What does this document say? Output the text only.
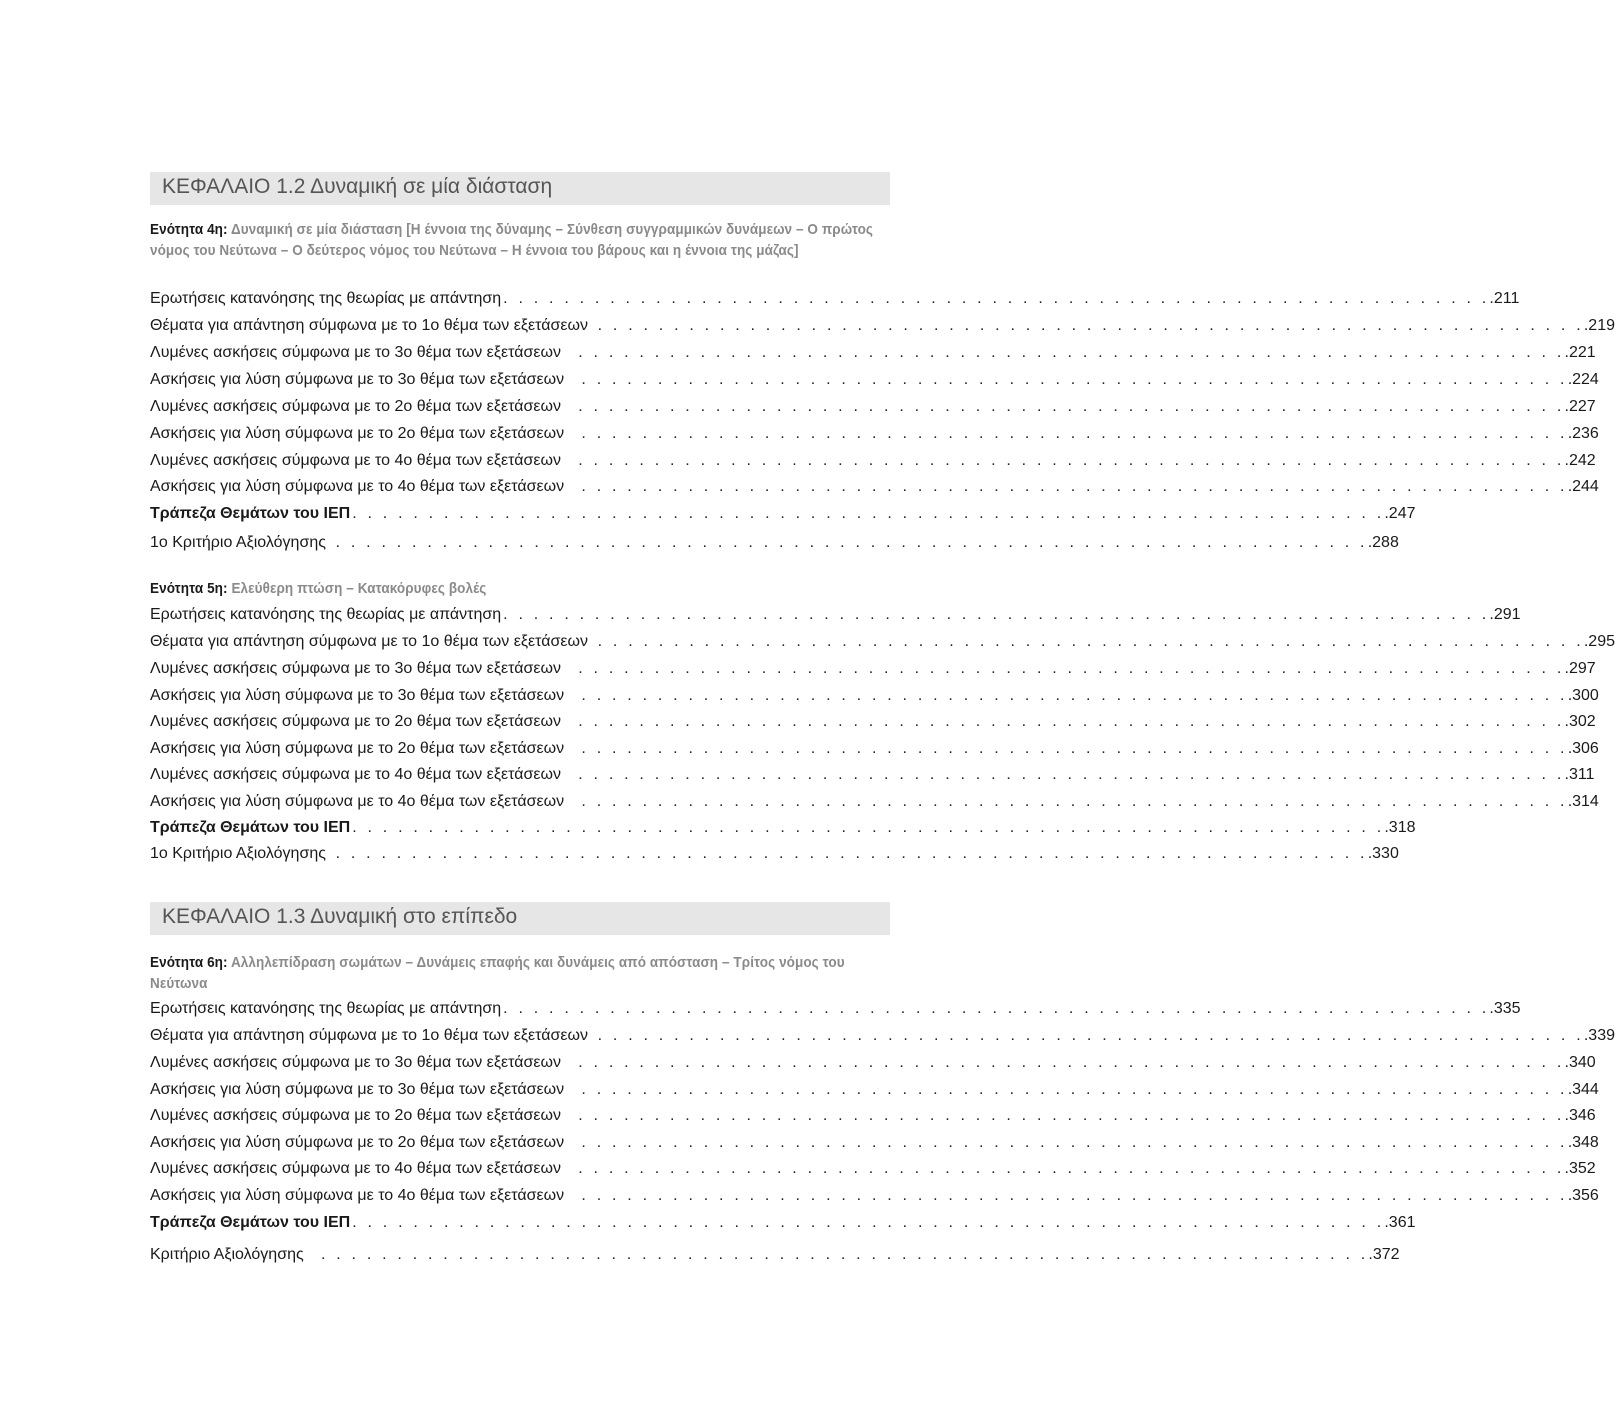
ΚΕΦΑΛΑΙΟ 1.2 Δυναμική σε μία διάσταση
Ενότητα 4η: Δυναμική σε μία διάσταση [Η έννοια της δύναμης – Σύνθεση συγγραμμικών δυνάμεων – Ο πρώτος νόμος του Νεύτωνα – Ο δεύτερος νόμος του Νεύτωνα – Η έννοια του βάρους και η έννοια της μάζας]
Ερωτήσεις κατανόησης της θεωρίας με απάντηση . . . . . . . . . . . . . . . . . . . . . . . . . . . . . . . . . . . . . . . . . . . . . . . . . . . . . . . . . . . . . . . . . .211
Θέματα για απάντηση σύμφωνα με το 1ο θέμα των εξετάσεων . . . . . . . . . . . . . . . . . . . . . . . . . . . . . . . . . . . . . . . . . . . . . . . . . . . . . . . . . . . . . . . . . .219
Λυμένες ασκήσεις σύμφωνα με το 3ο θέμα των εξετάσεων . . . . . . . . . . . . . . . . . . . . . . . . . . . . . . . . . . . . . . . . . . . . . . . . . . . . . . . . . . . . . . . . . .221
Ασκήσεις για λύση σύμφωνα με το 3ο θέμα των εξετάσεων . . . . . . . . . . . . . . . . . . . . . . . . . . . . . . . . . . . . . . . . . . . . . . . . . . . . . . . . . . . . . . . . . .224
Λυμένες ασκήσεις σύμφωνα με το 2ο θέμα των εξετάσεων . . . . . . . . . . . . . . . . . . . . . . . . . . . . . . . . . . . . . . . . . . . . . . . . . . . . . . . . . . . . . . . . . .227
Ασκήσεις για λύση σύμφωνα με το 2ο θέμα των εξετάσεων . . . . . . . . . . . . . . . . . . . . . . . . . . . . . . . . . . . . . . . . . . . . . . . . . . . . . . . . . . . . . . . . . .236
Λυμένες ασκήσεις σύμφωνα με το 4ο θέμα των εξετάσεων . . . . . . . . . . . . . . . . . . . . . . . . . . . . . . . . . . . . . . . . . . . . . . . . . . . . . . . . . . . . . . . . . .242
Ασκήσεις για λύση σύμφωνα με το 4ο θέμα των εξετάσεων . . . . . . . . . . . . . . . . . . . . . . . . . . . . . . . . . . . . . . . . . . . . . . . . . . . . . . . . . . . . . . . . . .244
Τράπεζα Θεμάτων του ΙΕΠ . . . . . . . . . . . . . . . . . . . . . . . . . . . . . . . . . . . . . . . . . . . . . . . . . . . . . . . . . . . . . . . . . . . . .247
1ο Κριτήριο Αξιολόγησης . . . . . . . . . . . . . . . . . . . . . . . . . . . . . . . . . . . . . . . . . . . . . . . . . . . . . . . . . . . . . . . . . . . . .288
Ενότητα 5η: Ελεύθερη πτώση – Κατακόρυφες βολές
Ερωτήσεις κατανόησης της θεωρίας με απάντηση . . . . . . . . . . . . . . . . . . . . . . . . . . . . . . . . . . . . . . . . . . . . . . . . . . . . . . . . . . . . . . . . . .291
Θέματα για απάντηση σύμφωνα με το 1ο θέμα των εξετάσεων . . . . . . . . . . . . . . . . . . . . . . . . . . . . . . . . . . . . . . . . . . . . . . . . . . . . . . . . . . . . . . . . . .295
Λυμένες ασκήσεις σύμφωνα με το 3ο θέμα των εξετάσεων . . . . . . . . . . . . . . . . . . . . . . . . . . . . . . . . . . . . . . . . . . . . . . . . . . . . . . . . . . . . . . . . . .297
Ασκήσεις για λύση σύμφωνα με το 3ο θέμα των εξετάσεων . . . . . . . . . . . . . . . . . . . . . . . . . . . . . . . . . . . . . . . . . . . . . . . . . . . . . . . . . . . . . . . . . .300
Λυμένες ασκήσεις σύμφωνα με το 2ο θέμα των εξετάσεων . . . . . . . . . . . . . . . . . . . . . . . . . . . . . . . . . . . . . . . . . . . . . . . . . . . . . . . . . . . . . . . . . .302
Ασκήσεις για λύση σύμφωνα με το 2ο θέμα των εξετάσεων . . . . . . . . . . . . . . . . . . . . . . . . . . . . . . . . . . . . . . . . . . . . . . . . . . . . . . . . . . . . . . . . . .306
Λυμένες ασκήσεις σύμφωνα με το 4ο θέμα των εξετάσεων . . . . . . . . . . . . . . . . . . . . . . . . . . . . . . . . . . . . . . . . . . . . . . . . . . . . . . . . . . . . . . . . . .311
Ασκήσεις για λύση σύμφωνα με το 4ο θέμα των εξετάσεων . . . . . . . . . . . . . . . . . . . . . . . . . . . . . . . . . . . . . . . . . . . . . . . . . . . . . . . . . . . . . . . . . .314
Τράπεζα Θεμάτων του ΙΕΠ . . . . . . . . . . . . . . . . . . . . . . . . . . . . . . . . . . . . . . . . . . . . . . . . . . . . . . . . . . . . . . . . . . . . .318
1ο Κριτήριο Αξιολόγησης . . . . . . . . . . . . . . . . . . . . . . . . . . . . . . . . . . . . . . . . . . . . . . . . . . . . . . . . . . . . . . . . . . . . .330
ΚΕΦΑΛΑΙΟ 1.3 Δυναμική στο επίπεδο
Ενότητα 6η: Αλληλεπίδραση σωμάτων – Δυνάμεις επαφής και δυνάμεις από απόσταση – Τρίτος νόμος του Νεύτωνα
Ερωτήσεις κατανόησης της θεωρίας με απάντηση . . . . . . . . . . . . . . . . . . . . . . . . . . . . . . . . . . . . . . . . . . . . . . . . . . . . . . . . . . . . . . . . . .335
Θέματα για απάντηση σύμφωνα με το 1ο θέμα των εξετάσεων . . . . . . . . . . . . . . . . . . . . . . . . . . . . . . . . . . . . . . . . . . . . . . . . . . . . . . . . . . . . . . . . . .339
Λυμένες ασκήσεις σύμφωνα με το 3ο θέμα των εξετάσεων . . . . . . . . . . . . . . . . . . . . . . . . . . . . . . . . . . . . . . . . . . . . . . . . . . . . . . . . . . . . . . . . . .340
Ασκήσεις για λύση σύμφωνα με το 3ο θέμα των εξετάσεων . . . . . . . . . . . . . . . . . . . . . . . . . . . . . . . . . . . . . . . . . . . . . . . . . . . . . . . . . . . . . . . . . .344
Λυμένες ασκήσεις σύμφωνα με το 2ο θέμα των εξετάσεων . . . . . . . . . . . . . . . . . . . . . . . . . . . . . . . . . . . . . . . . . . . . . . . . . . . . . . . . . . . . . . . . . .346
Ασκήσεις για λύση σύμφωνα με το 2ο θέμα των εξετάσεων . . . . . . . . . . . . . . . . . . . . . . . . . . . . . . . . . . . . . . . . . . . . . . . . . . . . . . . . . . . . . . . . . .348
Λυμένες ασκήσεις σύμφωνα με το 4ο θέμα των εξετάσεων . . . . . . . . . . . . . . . . . . . . . . . . . . . . . . . . . . . . . . . . . . . . . . . . . . . . . . . . . . . . . . . . . .352
Ασκήσεις για λύση σύμφωνα με το 4ο θέμα των εξετάσεων . . . . . . . . . . . . . . . . . . . . . . . . . . . . . . . . . . . . . . . . . . . . . . . . . . . . . . . . . . . . . . . . . .356
Τράπεζα Θεμάτων του ΙΕΠ . . . . . . . . . . . . . . . . . . . . . . . . . . . . . . . . . . . . . . . . . . . . . . . . . . . . . . . . . . . . . . . . . . . . .361
Κριτήριο Αξιολόγησης . . . . . . . . . . . . . . . . . . . . . . . . . . . . . . . . . . . . . . . . . . . . . . . . . . . . . . . . . . . . . . . . . . . . . .372
